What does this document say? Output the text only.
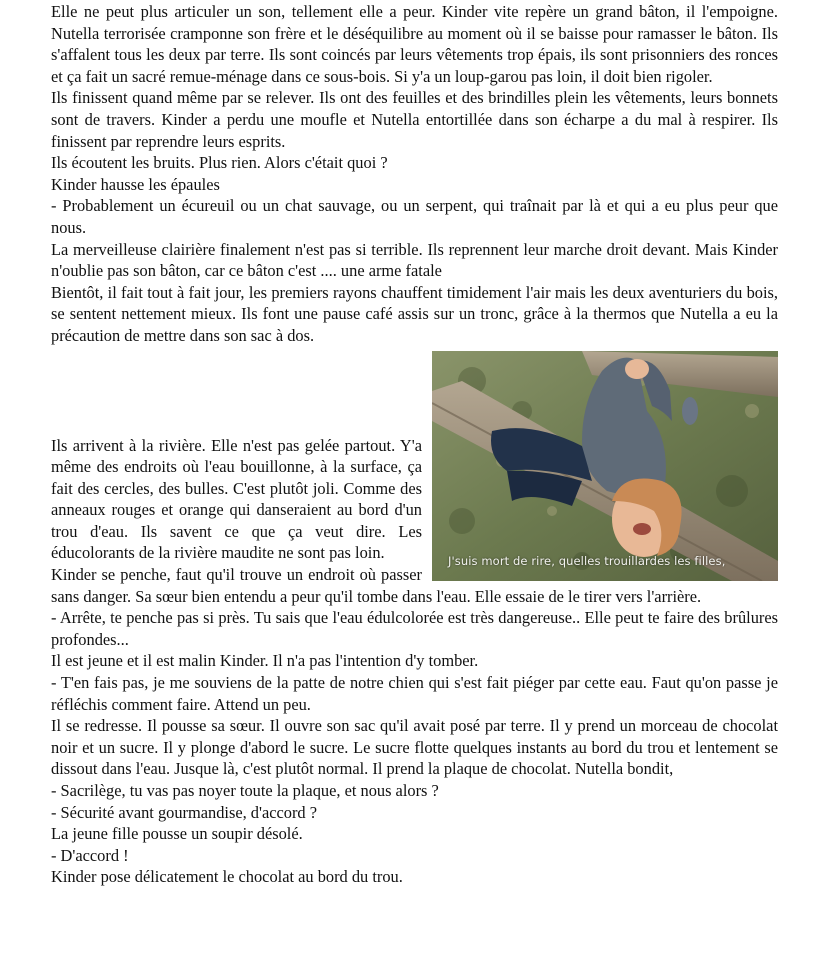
Elle ne peut plus articuler un son, tellement elle a peur. Kinder vite repère un grand bâton, il l'empoigne. Nutella terrorisée cramponne son frère et le déséquilibre au moment où il se baisse pour ramasser le bâton. Ils s'affalent tous les deux par terre. Ils sont coincés par leurs vêtements trop épais, ils sont prisonniers des ronces et ça fait un sacré remue-ménage dans ce sous-bois. Si y'a un loup-garou pas loin, il doit bien rigoler.

Ils finissent quand même par se relever. Ils ont des feuilles et des brindilles plein les vêtements, leurs bonnets sont de travers. Kinder a perdu une moufle et Nutella entortillée dans son écharpe a du mal à respirer. Ils finissent par reprendre leurs esprits.

Ils écoutent les bruits. Plus rien. Alors c'était quoi ?

Kinder hausse les épaules

- Probablement un écureuil ou un chat sauvage, ou un serpent, qui traînait par là et qui a eu plus peur que nous.

La merveilleuse clairière finalement n'est pas si terrible. Ils reprennent leur marche droit devant. Mais Kinder n'oublie pas son bâton, car ce bâton c'est .... une arme fatale

Bientôt, il fait tout à fait jour, les premiers rayons chauffent timidement l'air mais les deux aventuriers du bois, se sentent nettement mieux. Ils font une pause café assis sur un tronc, grâce à la thermos que Nutella a eu la précaution de mettre dans son sac à dos.

J'suis mort de rire, quelles trouillardes les filles,

Ils arrivent à la rivière. Elle n'est pas gelée partout. Y'a même des endroits où l'eau bouillonne, à la surface, ça fait des cercles, des bulles. C'est plutôt joli. Comme des anneaux rouges et orange qui danseraient au bord d'un trou d'eau. Ils savent ce que ça veut dire. Les éducolorants de la rivière maudite ne sont pas loin.

Kinder se penche, faut qu'il trouve un endroit où passer sans danger. Sa sœur bien entendu a peur qu'il tombe dans l'eau. Elle essaie de le tirer vers l'arrière.

- Arrête, te penche pas si près. Tu sais que l'eau édulcolorée est très dangereuse.. Elle peut te faire des brûlures profondes...

Il est jeune et il est malin Kinder. Il n'a pas l'intention d'y tomber.

- T'en fais pas, je me souviens de la patte de notre chien qui s'est fait piéger par cette eau. Faut qu'on passe je réfléchis comment faire. Attend un peu.

Il se redresse. Il pousse sa sœur. Il ouvre son sac qu'il avait posé par terre. Il y prend un morceau de chocolat noir et un sucre. Il y plonge d'abord le sucre. Le sucre flotte quelques instants au bord du trou et lentement se dissout dans l'eau. Jusque là, c'est plutôt normal. Il prend la plaque de chocolat. Nutella bondit,

- Sacrilège, tu vas pas noyer toute la plaque, et nous alors ?

- Sécurité avant gourmandise, d'accord ?

La jeune fille pousse un soupir désolé.

- D'accord !

Kinder pose délicatement le chocolat au bord du trou.
